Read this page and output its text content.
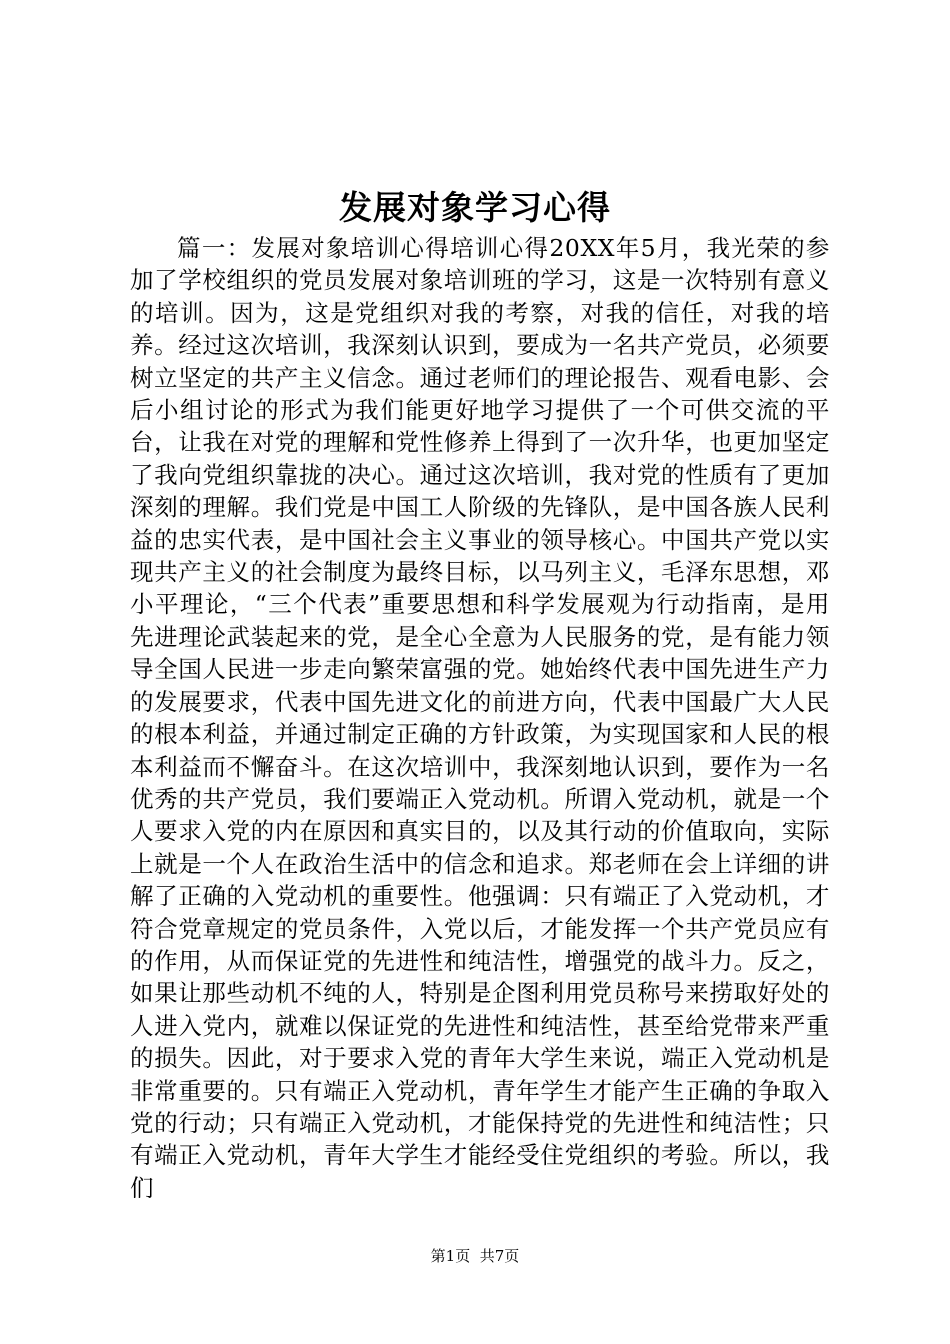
发展对象学习心得

篇一：发展对象培训心得培训心得20XX年5月，我光荣的参加了学校组织的党员发展对象培训班的学习，这是一次特别有意义的培训。因为，这是党组织对我的考察，对我的信任，对我的培养。经过这次培训，我深刻认识到，要成为一名共产党员，必须要树立坚定的共产主义信念。通过老师们的理论报告、观看电影、会后小组讨论的形式为我们能更好地学习提供了一个可供交流的平台，让我在对党的理解和党性修养上得到了一次升华，也更加坚定了我向党组织靠拢的决心。通过这次培训，我对党的性质有了更加深刻的理解。我们党是中国工人阶级的先锋队，是中国各族人民利益的忠实代表，是中国社会主义事业的领导核心。中国共产党以实现共产主义的社会制度为最终目标，以马列主义，毛泽东思想，邓小平理论，“三个代表”重要思想和科学发展观为行动指南，是用先进理论武装起来的党，是全心全意为人民服务的党，是有能力领导全国人民进一步走向繁荣富强的党。她始终代表中国先进生产力的发展要求，代表中国先进文化的前进方向，代表中国最广大人民的根本利益，并通过制定正确的方针政策，为实现国家和人民的根本利益而不懈奋斗。在这次培训中，我深刻地认识到，要作为一名优秀的共产党员，我们要端正入党动机。所谓入党动机，就是一个人要求入党的内在原因和真实目的，以及其行动的价值取向，实际上就是一个人在政治生活中的信念和追求。郑老师在会上详细的讲解了正确的入党动机的重要性。他强调：只有端正了入党动机，才符合党章规定的党员条件，入党以后，才能发挥一个共产党员应有的作用，从而保证党的先进性和纯洁性，增强党的战斗力。反之，如果让那些动机不纯的人，特别是企图利用党员称号来捞取好处的人进入党内，就难以保证党的先进性和纯洁性，甚至给党带来严重的损失。因此，对于要求入党的青年大学生来说，端正入党动机是非常重要的。只有端正入党动机，青年学生才能产生正确的争取入党的行动；只有端正入党动机，才能保持党的先进性和纯洁性；只有端正入党动机，青年大学生才能经受住党组织的考验。所以，我们

第1页 共7页
